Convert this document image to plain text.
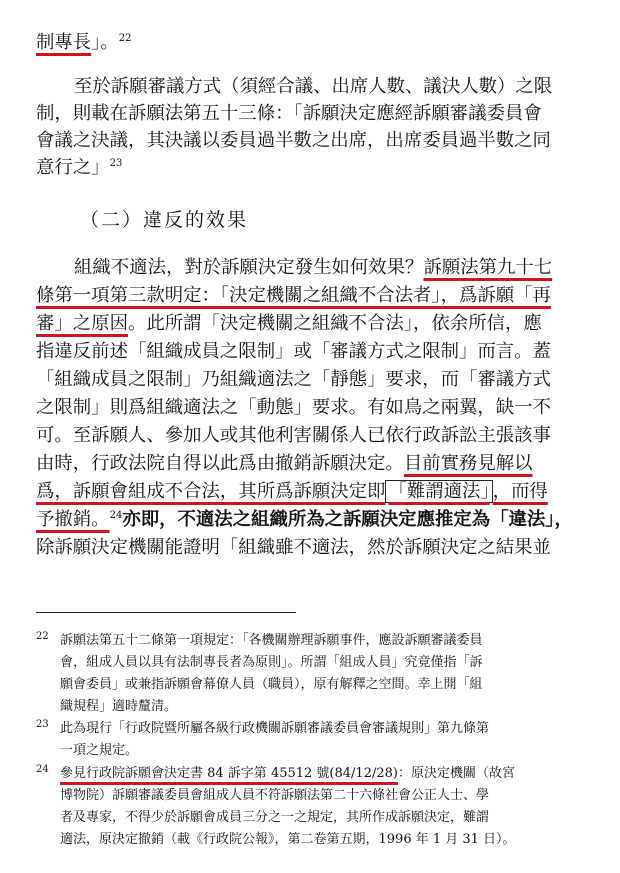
制專長」。$^{22}$
至於訴願審議方式（須經合議、出席人數、議決人數）之限
制，則載在訴願法第五十三條：「訴願決定應經訴願審議委員會
會議之決議，其決議以委員過半數之出席，出席委員過半數之同
意行之」$^{23}$
（二）違反的效果
組織不適法，對於訴願決定發生如何效果？訴願法第九十七
條第一項第三款明定：「決定機關之組織不合法者」，爲訴願「再
審」之原因。此所謂「決定機關之組織不合法」，依余所信，應
指違反前述「組織成員之限制」或「審議方式之限制」而言。蓋
「組織成員之限制」乃組織適法之「靜態」要求，而「審議方式
之限制」則爲組織適法之「動態」要求。有如鳥之兩翼，缺一不
可。至訴願人、參加人或其他利害關係人已依行政訴訟主張該事
由時，行政法院自得以此爲由撤銷訴願決定。目前實務見解以
爲，訴願會組成不合法，其所爲訴願決定即 「難謂適法」 ，而得
予撤銷。$^{24}$亦即，不適法之組織所為之訴願決定應推定為「違法」，
除訴願決定機關能證明「組織雖不適法，然於訴願決定之結果並
22 訴願法第五十二條第一項規定：「各機關辦理訴願事件，應設訴願審議委員
會，組成人員以具有法制專長者為原則」。所謂「組成人員」究竟僅指「訴
願會委員」或兼指訴願會幕僚人員（職員），原有解釋之空間。幸上開「組
織規程」適時釐清。
23 此為現行「行政院暨所屬各級行政機關訴願審議委員會審議規則」第九條第
一項之規定。
24 參見行政院訴願會決定書 84 訴字第 45512 號(84/12/28)：原決定機關（故宮
博物院）訴願審議委員會組成人員不符訴願法第二十六條社會公正人士、學
者及專家，不得少於訴願會成員三分之一之規定，其所作成訴願決定，難謂
適法，原決定撤銷（載《行政院公報》，第二卷第五期，1996 年 1 月 31 日）。
